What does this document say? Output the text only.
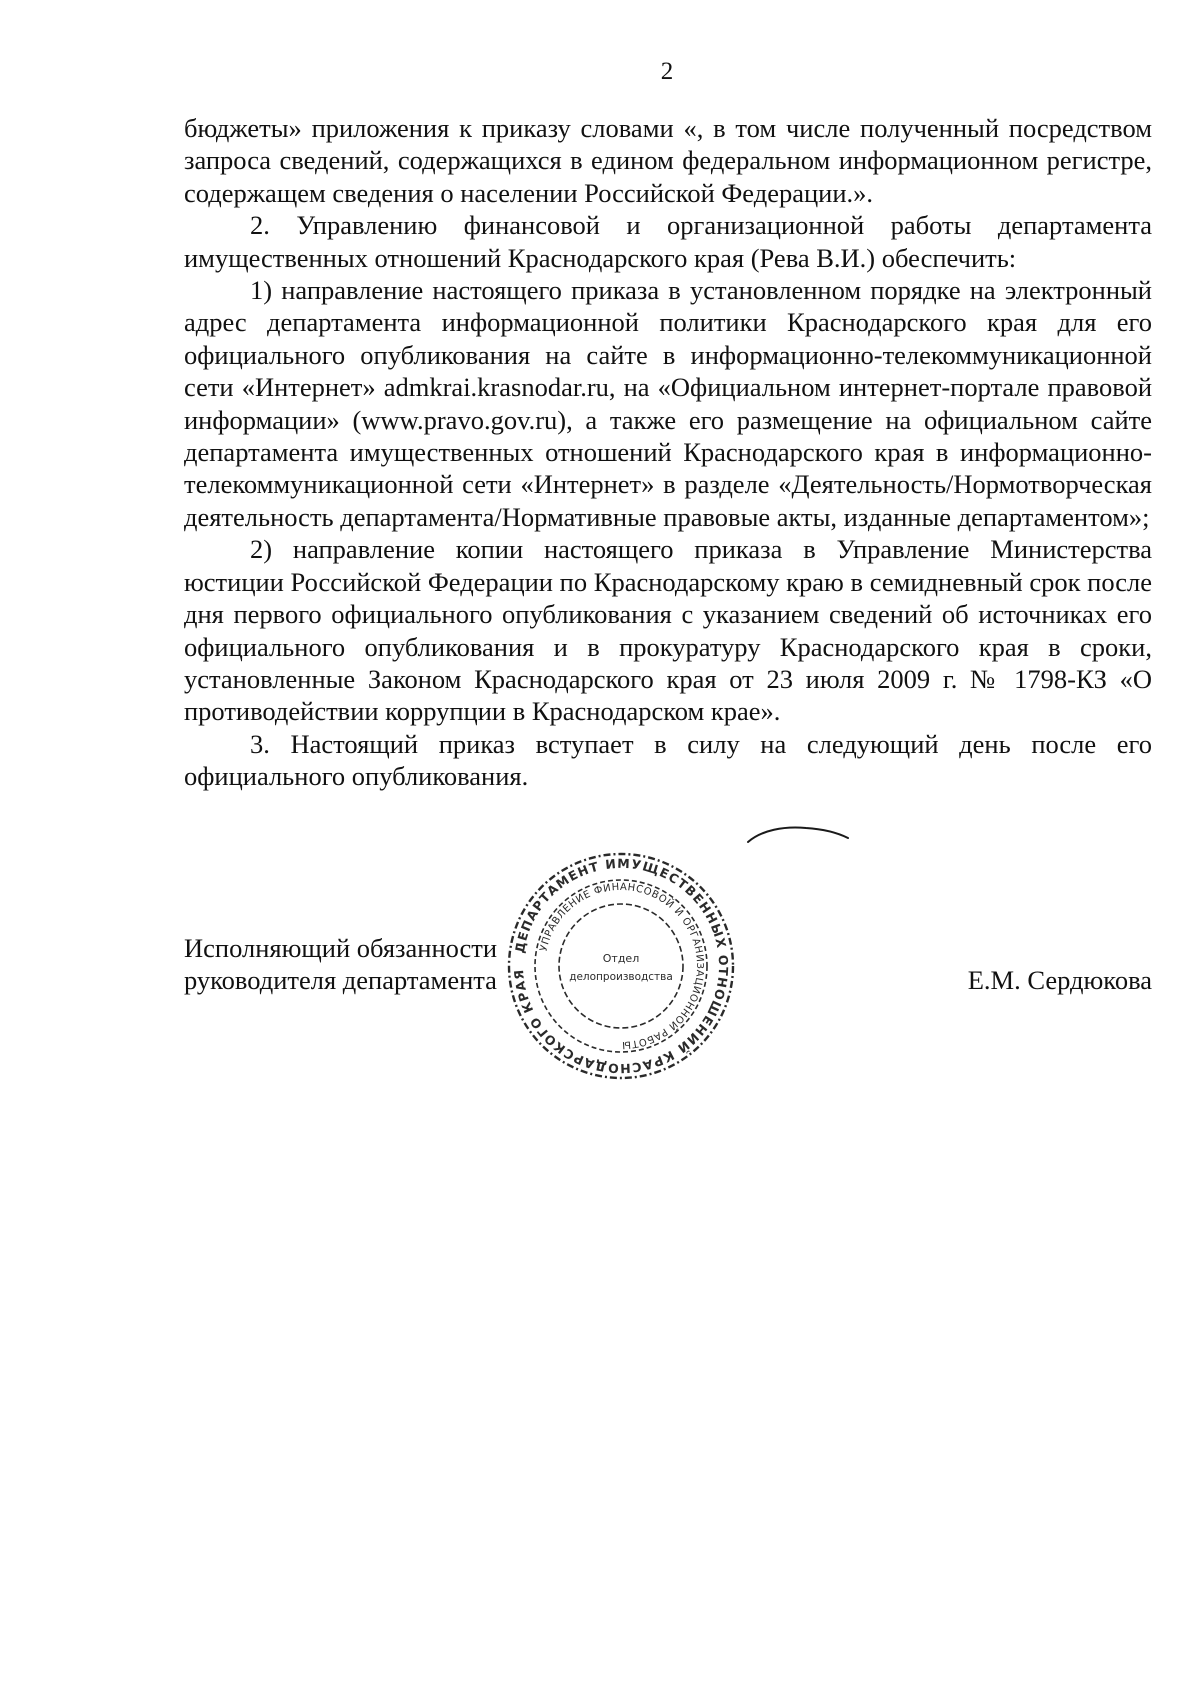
2

бюджеты» приложения к приказу словами «, в том числе полученный посредством запроса сведений, содержащихся в едином федеральном информационном регистре, содержащем сведения о населении Российской Федерации.».

2. Управлению финансовой и организационной работы департамента имущественных отношений Краснодарского края (Рева В.И.) обеспечить:

1) направление настоящего приказа в установленном порядке на электронный адрес департамента информационной политики Краснодарского края для его официального опубликования на сайте в информационно-телекоммуникационной сети «Интернет» admkrai.krasnodar.ru, на «Официальном интернет-портале правовой информации» (www.pravo.gov.ru), а также его размещение на официальном сайте департамента имущественных отношений Краснодарского края в информационно-телекоммуникационной сети «Интернет» в разделе «Деятельность/Нормотворческая деятельность департамента/Нормативные правовые акты, изданные департаментом»;

2) направление копии настоящего приказа в Управление Министерства юстиции Российской Федерации по Краснодарскому краю в семидневный срок после дня первого официального опубликования с указанием сведений об источниках его официального опубликования и в прокуратуру Краснодарского края в сроки, установленные Законом Краснодарского края от 23 июля 2009 г. № 1798-КЗ «О противодействии коррупции в Краснодарском крае».

3. Настоящий приказ вступает в силу на следующий день после его официального опубликования.

Исполняющий обязанности
руководителя департамента	Е.М. Сердюкова
ДЕПАРТАМЕНТ ИМУЩЕСТВЕННЫХ ОТНОШЕНИЙ КРАСНОДАРСКОГО КРАЯ
УПРАВЛЕНИЕ ФИНАНСОВОЙ И ОРГАНИЗАЦИОННОЙ РАБОТЫ
Отдел
делопроизводства
